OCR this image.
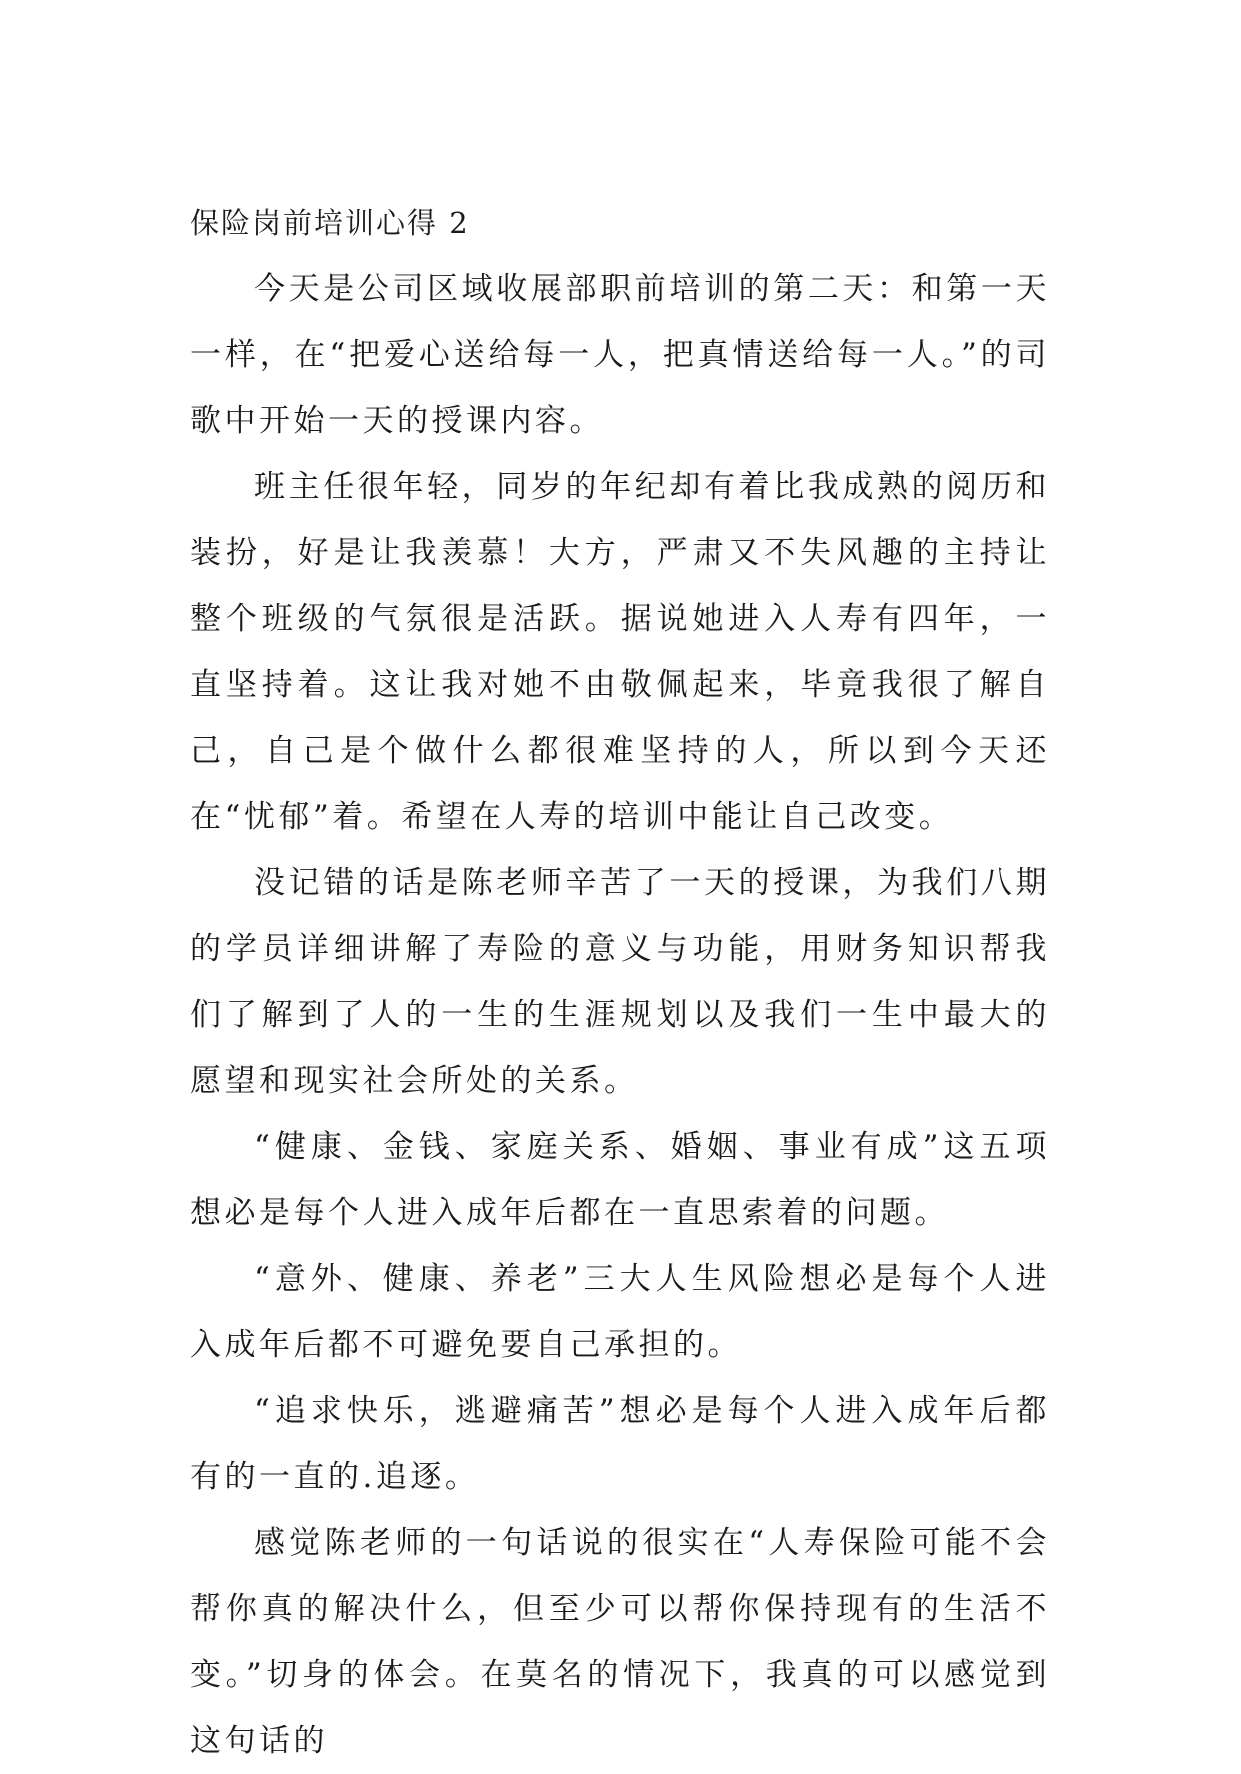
保险岗前培训心得 2

今天是公司区域收展部职前培训的第二天：和第一天一样，在“把爱心送给每一人，把真情送给每一人。”的司歌中开始一天的授课内容。

班主任很年轻，同岁的年纪却有着比我成熟的阅历和装扮，好是让我羡慕！大方，严肃又不失风趣的主持让整个班级的气氛很是活跃。据说她进入人寿有四年，一直坚持着。这让我对她不由敬佩起来，毕竟我很了解自己，自己是个做什么都很难坚持的人，所以到今天还在“忧郁”着。希望在人寿的培训中能让自己改变。

没记错的话是陈老师辛苦了一天的授课，为我们八期的学员详细讲解了寿险的意义与功能，用财务知识帮我们了解到了人的一生的生涯规划以及我们一生中最大的愿望和现实社会所处的关系。

“健康、金钱、家庭关系、婚姻、事业有成”这五项想必是每个人进入成年后都在一直思索着的问题。

“意外、健康、养老”三大人生风险想必是每个人进入成年后都不可避免要自己承担的。

“追求快乐，逃避痛苦”想必是每个人进入成年后都有的一直的.追逐。

感觉陈老师的一句话说的很实在“人寿保险可能不会帮你真的解决什么，但至少可以帮你保持现有的生活不变。”切身的体会。在莫名的情况下，我真的可以感觉到这句话的
